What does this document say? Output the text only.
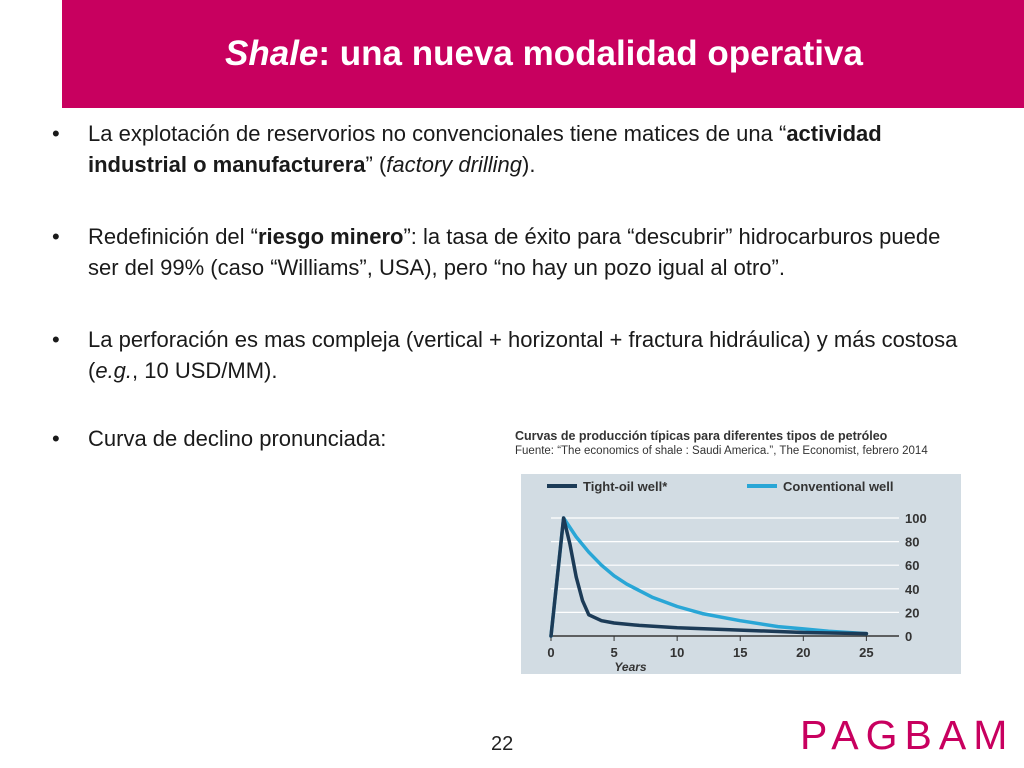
Shale: una nueva modalidad operativa
• La explotación de reservorios no convencionales tiene matices de una “actividad industrial o manufacturera” (factory drilling).
• Redefinición del “riesgo minero”: la tasa de éxito para “descubrir” hidrocarburos puede ser del 99% (caso “Williams”, USA), pero “no hay un pozo igual al otro”.
• La perforación es mas compleja (vertical + horizontal + fractura hidráulica) y más costosa (e.g., 10 USD/MM).
• Curva de declino pronunciada:	Curvas de producción típicas para diferentes tipos de petróleo
Fuente: “The economics of shale : Saudi America.”, The Economist, febrero 2014
0
20
40
60
80
100
0	5	10	15	20	25
Years
Tight-oil well*	Conventional well
22	PAGBAM
